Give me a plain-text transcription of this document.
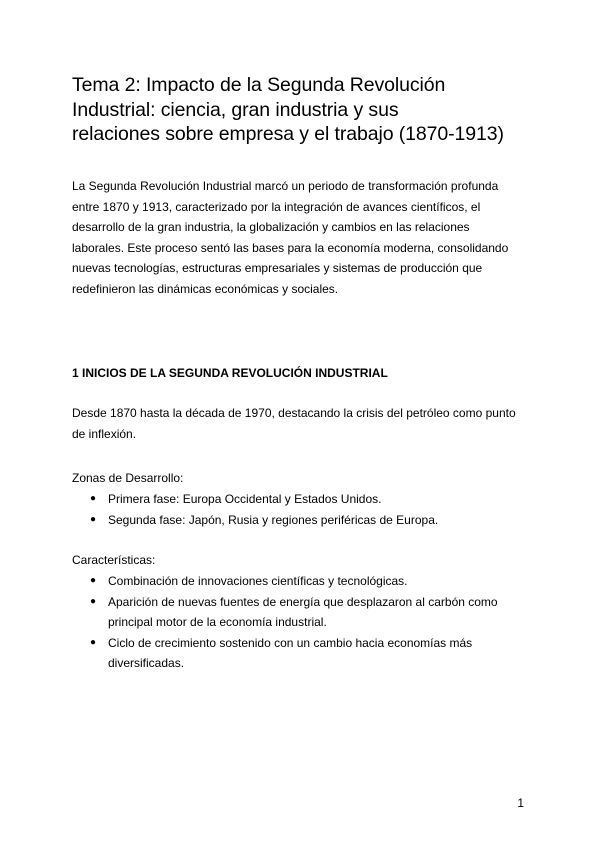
Tema 2: Impacto de la Segunda Revolución
Industrial: ciencia, gran industria y sus
relaciones sobre empresa y el trabajo (1870-1913)

La Segunda Revolución Industrial marcó un periodo de transformación profunda
entre 1870 y 1913, caracterizado por la integración de avances científicos, el
desarrollo de la gran industria, la globalización y cambios en las relaciones
laborales. Este proceso sentó las bases para la economía moderna, consolidando
nuevas tecnologías, estructuras empresariales y sistemas de producción que
redefinieron las dinámicas económicas y sociales.

1 INICIOS DE LA SEGUNDA REVOLUCIÓN INDUSTRIAL

Desde 1870 hasta la década de 1970, destacando la crisis del petróleo como punto
de inflexión.

Zonas de Desarrollo:

● Primera fase: Europa Occidental y Estados Unidos.
● Segunda fase: Japón, Rusia y regiones periféricas de Europa.

Características:

● Combinación de innovaciones científicas y tecnológicas.
● Aparición de nuevas fuentes de energía que desplazaron al carbón como
principal motor de la economía industrial.
● Ciclo de crecimiento sostenido con un cambio hacia economías más
diversificadas.
1
